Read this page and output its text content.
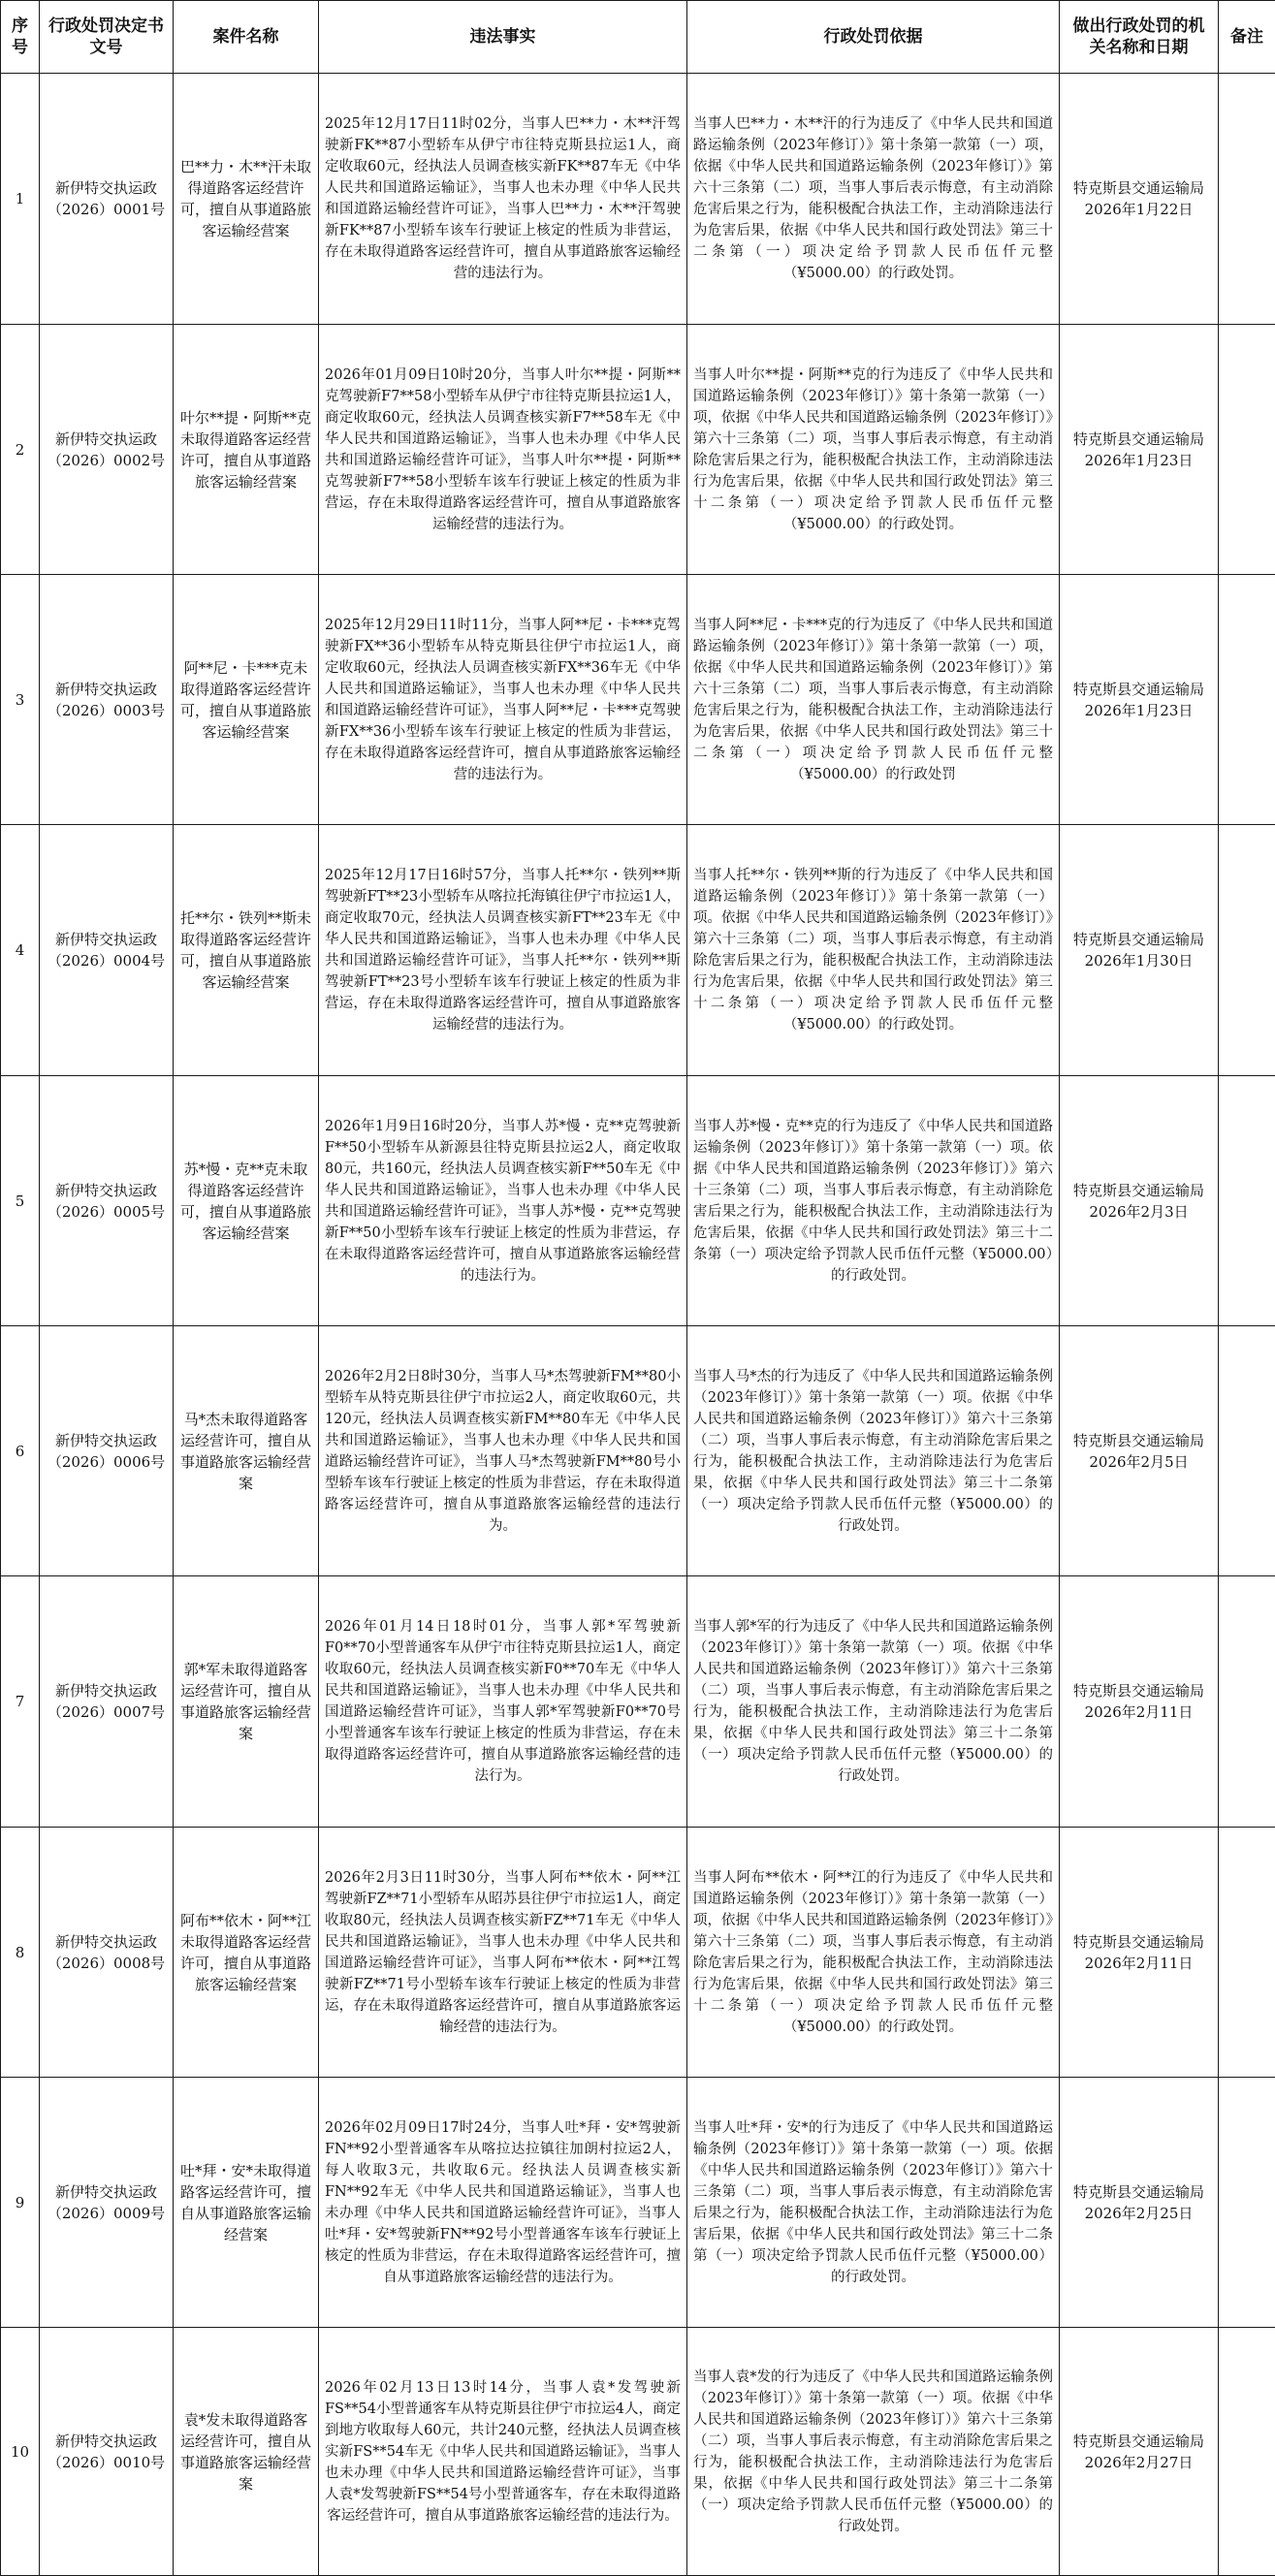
序号	行政处罚决定书文号	案件名称	违法事实	行政处罚依据	做出行政处罚的机关名称和日期	备注
1	新伊特交执运政（2026）0001号	巴**力・木**汗未取得道路客运经营许可，擅自从事道路旅客运输经营案	2025年12月17日11时02分，当事人巴**力・木**汗驾驶新FK**87小型轿车从伊宁市往特克斯县拉运1人，商定收取60元，经执法人员调查核实新FK**87车无《中华人民共和国道路运输证》，当事人也未办理《中华人民共和国道路运输经营许可证》，当事人巴**力・木**汗驾驶新FK**87小型轿车该车行驶证上核定的性质为非营运，存在未取得道路客运经营许可，擅自从事道路旅客运输经营的违法行为。	当事人巴**力・木**汗的行为违反了《中华人民共和国道路运输条例（2023年修订）》第十条第一款第（一）项，依据《中华人民共和国道路运输条例（2023年修订）》第六十三条第（二）项，当事人事后表示悔意，有主动消除危害后果之行为，能积极配合执法工作，主动消除违法行为危害后果，依据《中华人民共和国行政处罚法》第三十二条第（一）项决定给予罚款人民币伍仟元整（¥5000.00）的行政处罚。	特克斯县交通运输局2026年1月22日	
2	新伊特交执运政（2026）0002号	叶尔**提・阿斯**克未取得道路客运经营许可，擅自从事道路旅客运输经营案	2026年01月09日10时20分，当事人叶尔**提・阿斯**克驾驶新F7**58小型轿车从伊宁市往特克斯县拉运1人，商定收取60元，经执法人员调查核实新F7**58车无《中华人民共和国道路运输证》，当事人也未办理《中华人民共和国道路运输经营许可证》，当事人叶尔**提・阿斯**克驾驶新F7**58小型轿车该车行驶证上核定的性质为非营运，存在未取得道路客运经营许可，擅自从事道路旅客运输经营的违法行为。	当事人叶尔**提・阿斯**克的行为违反了《中华人民共和国道路运输条例（2023年修订）》第十条第一款第（一）项，依据《中华人民共和国道路运输条例（2023年修订）》第六十三条第（二）项，当事人事后表示悔意，有主动消除危害后果之行为，能积极配合执法工作，主动消除违法行为危害后果，依据《中华人民共和国行政处罚法》第三十二条第（一）项决定给予罚款人民币伍仟元整（¥5000.00）的行政处罚。	特克斯县交通运输局2026年1月23日	
3	新伊特交执运政（2026）0003号	阿**尼・卡***克未取得道路客运经营许可，擅自从事道路旅客运输经营案	2025年12月29日11时11分，当事人阿**尼・卡***克驾驶新FX**36小型轿车从特克斯县往伊宁市拉运1人，商定收取60元，经执法人员调查核实新FX**36车无《中华人民共和国道路运输证》，当事人也未办理《中华人民共和国道路运输经营许可证》，当事人阿**尼・卡***克驾驶新FX**36小型轿车该车行驶证上核定的性质为非营运，存在未取得道路客运经营许可，擅自从事道路旅客运输经营的违法行为。	当事人阿**尼・卡***克的行为违反了《中华人民共和国道路运输条例（2023年修订）》第十条第一款第（一）项，依据《中华人民共和国道路运输条例（2023年修订）》第六十三条第（二）项，当事人事后表示悔意，有主动消除危害后果之行为，能积极配合执法工作，主动消除违法行为危害后果，依据《中华人民共和国行政处罚法》第三十二条第（一）项决定给予罚款人民币伍仟元整（¥5000.00）的行政处罚	特克斯县交通运输局2026年1月23日	
4	新伊特交执运政（2026）0004号	托**尔・铁列**斯未取得道路客运经营许可，擅自从事道路旅客运输经营案	2025年12月17日16时57分，当事人托**尔・铁列**斯驾驶新FT**23小型轿车从喀拉托海镇往伊宁市拉运1人，商定收取70元，经执法人员调查核实新FT**23车无《中华人民共和国道路运输证》，当事人也未办理《中华人民共和国道路运输经营许可证》，当事人托**尔・铁列**斯驾驶新FT**23号小型轿车该车行驶证上核定的性质为非营运，存在未取得道路客运经营许可，擅自从事道路旅客运输经营的违法行为。	当事人托**尔・铁列**斯的行为违反了《中华人民共和国道路运输条例（2023年修订）》第十条第一款第（一）项。依据《中华人民共和国道路运输条例（2023年修订）》第六十三条第（二）项，当事人事后表示悔意，有主动消除危害后果之行为，能积极配合执法工作，主动消除违法行为危害后果，依据《中华人民共和国行政处罚法》第三十二条第（一）项决定给予罚款人民币伍仟元整（¥5000.00）的行政处罚。	特克斯县交通运输局2026年1月30日	
5	新伊特交执运政（2026）0005号	苏*慢・克**克未取得道路客运经营许可，擅自从事道路旅客运输经营案	2026年1月9日16时20分，当事人苏*慢・克**克驾驶新F**50小型轿车从新源县往特克斯县拉运2人，商定收取80元，共160元，经执法人员调查核实新F**50车无《中华人民共和国道路运输证》，当事人也未办理《中华人民共和国道路运输经营许可证》，当事人苏*慢・克**克驾驶新F**50小型轿车该车行驶证上核定的性质为非营运，存在未取得道路客运经营许可，擅自从事道路旅客运输经营的违法行为。	当事人苏*慢・克**克的行为违反了《中华人民共和国道路运输条例（2023年修订）》第十条第一款第（一）项。依据《中华人民共和国道路运输条例（2023年修订）》第六十三条第（二）项，当事人事后表示悔意，有主动消除危害后果之行为，能积极配合执法工作，主动消除违法行为危害后果，依据《中华人民共和国行政处罚法》第三十二条第（一）项决定给予罚款人民币伍仟元整（¥5000.00）的行政处罚。	特克斯县交通运输局2026年2月3日	
6	新伊特交执运政（2026）0006号	马*杰未取得道路客运经营许可，擅自从事道路旅客运输经营案	2026年2月2日8时30分，当事人马*杰驾驶新FM**80小型轿车从特克斯县往伊宁市拉运2人，商定收取60元，共120元，经执法人员调查核实新FM**80车无《中华人民共和国道路运输证》，当事人也未办理《中华人民共和国道路运输经营许可证》，当事人马*杰驾驶新FM**80号小型轿车该车行驶证上核定的性质为非营运，存在未取得道路客运经营许可，擅自从事道路旅客运输经营的违法行为。	当事人马*杰的行为违反了《中华人民共和国道路运输条例（2023年修订）》第十条第一款第（一）项。依据《中华人民共和国道路运输条例（2023年修订）》第六十三条第（二）项，当事人事后表示悔意，有主动消除危害后果之行为，能积极配合执法工作，主动消除违法行为危害后果，依据《中华人民共和国行政处罚法》第三十二条第（一）项决定给予罚款人民币伍仟元整（¥5000.00）的行政处罚。	特克斯县交通运输局2026年2月5日	
7	新伊特交执运政（2026）0007号	郭*军未取得道路客运经营许可，擅自从事道路旅客运输经营案	2026年01月14日18时01分，当事人郭*军驾驶新F0**70小型普通客车从伊宁市往特克斯县拉运1人，商定收取60元，经执法人员调查核实新F0**70车无《中华人民共和国道路运输证》，当事人也未办理《中华人民共和国道路运输经营许可证》，当事人郭*军驾驶新F0**70号小型普通客车该车行驶证上核定的性质为非营运，存在未取得道路客运经营许可，擅自从事道路旅客运输经营的违法行为。	当事人郭*军的行为违反了《中华人民共和国道路运输条例（2023年修订）》第十条第一款第（一）项。依据《中华人民共和国道路运输条例（2023年修订）》第六十三条第（二）项，当事人事后表示悔意，有主动消除危害后果之行为，能积极配合执法工作，主动消除违法行为危害后果，依据《中华人民共和国行政处罚法》第三十二条第（一）项决定给予罚款人民币伍仟元整（¥5000.00）的行政处罚。	特克斯县交通运输局2026年2月11日	
8	新伊特交执运政（2026）0008号	阿布**依木・阿**江未取得道路客运经营许可，擅自从事道路旅客运输经营案	2026年2月3日11时30分，当事人阿布**依木・阿**江驾驶新FZ**71小型轿车从昭苏县往伊宁市拉运1人，商定收取80元，经执法人员调查核实新FZ**71车无《中华人民共和国道路运输证》，当事人也未办理《中华人民共和国道路运输经营许可证》，当事人阿布**依木・阿**江驾驶新FZ**71号小型轿车该车行驶证上核定的性质为非营运，存在未取得道路客运经营许可，擅自从事道路旅客运输经营的违法行为。	当事人阿布**依木・阿**江的行为违反了《中华人民共和国道路运输条例（2023年修订）》第十条第一款第（一）项，依据《中华人民共和国道路运输条例（2023年修订）》第六十三条第（二）项，当事人事后表示悔意，有主动消除危害后果之行为，能积极配合执法工作，主动消除违法行为危害后果，依据《中华人民共和国行政处罚法》第三十二条第（一）项决定给予罚款人民币伍仟元整（¥5000.00）的行政处罚。	特克斯县交通运输局2026年2月11日	
9	新伊特交执运政（2026）0009号	吐*拜・安*未取得道路客运经营许可，擅自从事道路旅客运输经营案	2026年02月09日17时24分，当事人吐*拜・安*驾驶新FN**92小型普通客车从喀拉达拉镇往加朗村拉运2人，每人收取3元，共收取6元。经执法人员调查核实新FN**92车无《中华人民共和国道路运输证》，当事人也未办理《中华人民共和国道路运输经营许可证》，当事人吐*拜・安*驾驶新FN**92号小型普通客车该车行驶证上核定的性质为非营运，存在未取得道路客运经营许可，擅自从事道路旅客运输经营的违法行为。	当事人吐*拜・安*的行为违反了《中华人民共和国道路运输条例（2023年修订）》第十条第一款第（一）项。依据《中华人民共和国道路运输条例（2023年修订）》第六十三条第（二）项，当事人事后表示悔意，有主动消除危害后果之行为，能积极配合执法工作，主动消除违法行为危害后果，依据《中华人民共和国行政处罚法》第三十二条第（一）项决定给予罚款人民币伍仟元整（¥5000.00）的行政处罚。	特克斯县交通运输局2026年2月25日	
10	新伊特交执运政（2026）0010号	袁*发未取得道路客运经营许可，擅自从事道路旅客运输经营案	2026年02月13日13时14分，当事人袁*发驾驶新FS**54小型普通客车从特克斯县往伊宁市拉运4人，商定到地方收取每人60元，共计240元整，经执法人员调查核实新FS**54车无《中华人民共和国道路运输证》，当事人也未办理《中华人民共和国道路运输经营许可证》，当事人袁*发驾驶新FS**54号小型普通客车，存在未取得道路客运经营许可，擅自从事道路旅客运输经营的违法行为。	当事人袁*发的行为违反了《中华人民共和国道路运输条例（2023年修订）》第十条第一款第（一）项。依据《中华人民共和国道路运输条例（2023年修订）》第六十三条第（二）项，当事人事后表示悔意，有主动消除危害后果之行为，能积极配合执法工作，主动消除违法行为危害后果，依据《中华人民共和国行政处罚法》第三十二条第（一）项决定给予罚款人民币伍仟元整（¥5000.00）的行政处罚。	特克斯县交通运输局2026年2月27日	
